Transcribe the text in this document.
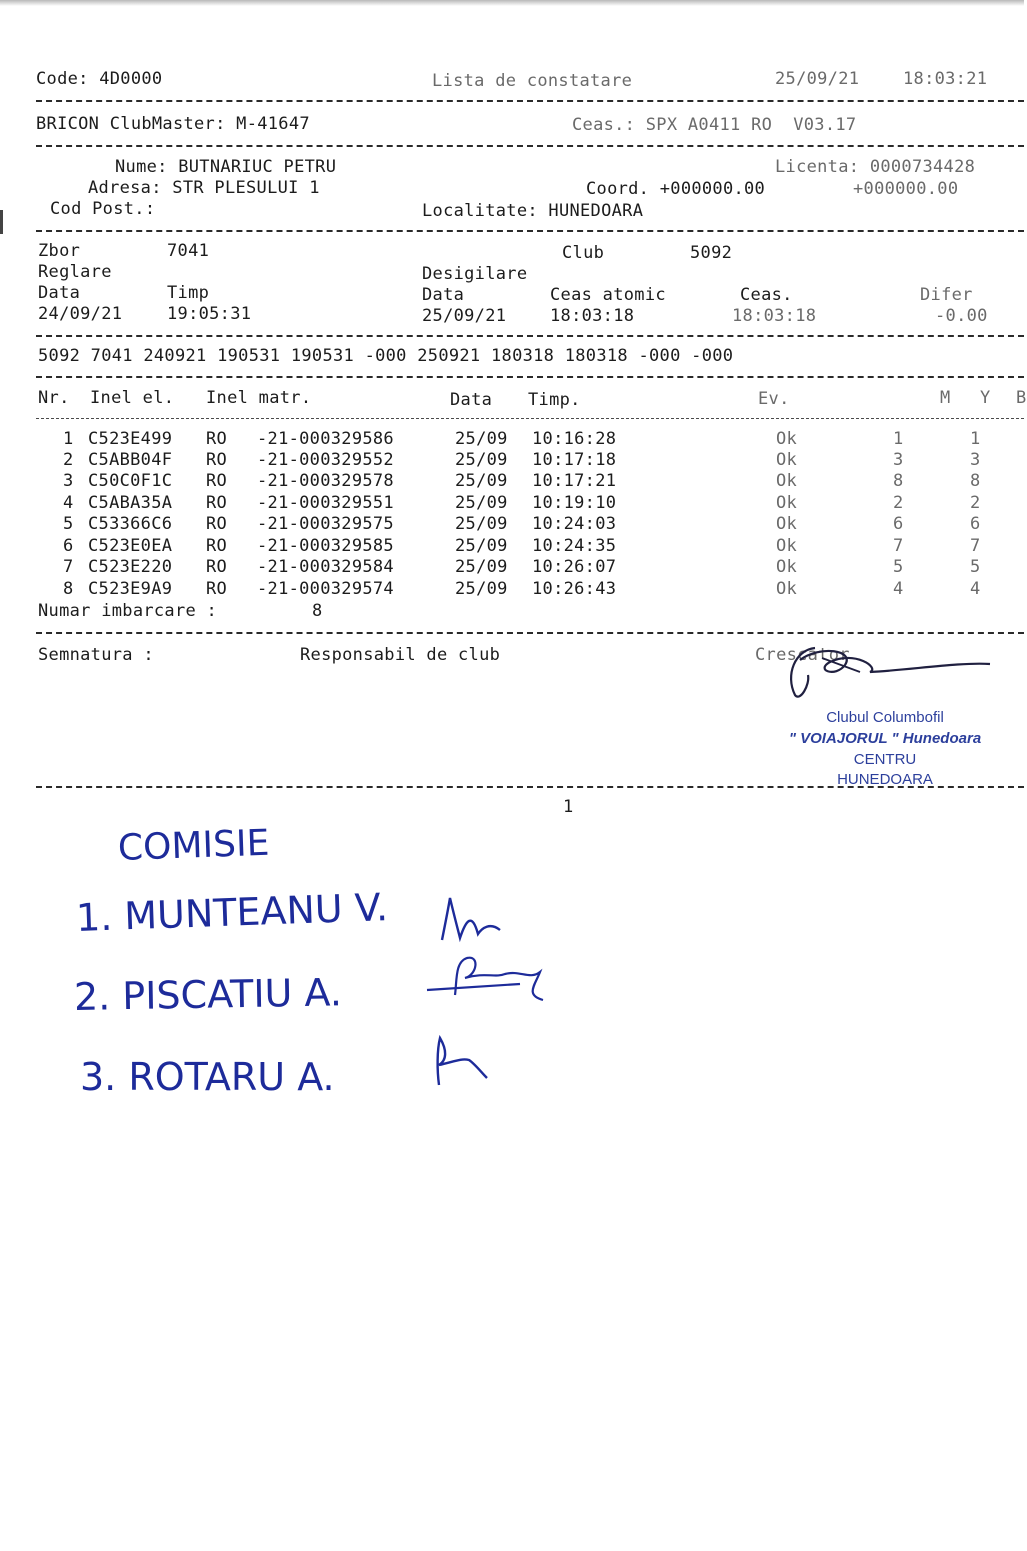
Code: 4D0000	Lista de constatare	25/09/21	18:03:21
BRICON ClubMaster: M-41647	Ceas.: SPX A0411 RO  V03.17
Nume: BUTNARIUC PETRU	Licenta: 0000734428
Adresa: STR PLESULUI 1	Coord. +000000.00	+000000.00
Cod Post.:	Localitate: HUNEDOARA
Zbor	7041	Club	5092
Reglare	Desigilare
Data	Timp	Data	Ceas atomic	Ceas.	Difer
24/09/21	19:05:31	25/09/21	18:03:18	18:03:18	-0.00
5092 7041 240921 190531 190531 -000 250921 180318 180318 -000 -000
Nr. Inel el. Inel matr.	Data Timp.	Ev.	M Y B
1 C523E499 RO -21-000329586	25/09 10:16:28	Ok	1	1
2 C5ABB04F RO -21-000329552	25/09 10:17:18	Ok	3	3
3 C50C0F1C RO -21-000329578	25/09 10:17:21	Ok	8	8
4 C5ABA35A RO -21-000329551	25/09 10:19:10	Ok	2	2
5 C53366C6 RO -21-000329575	25/09 10:24:03	Ok	6	6
6 C523E0EA RO -21-000329585	25/09 10:24:35	Ok	7	7
7 C523E220 RO -21-000329584	25/09 10:26:07	Ok	5	5
8 C523E9A9 RO -21-000329574	25/09 10:26:43	Ok	4	4
Numar imbarcare :	8
Semnatura :	Responsabil de club	Crescator
Clubul Columbofil
" VOIAJORUL " Hunedoara
CENTRU
HUNEDOARA
1
COMISIE
1. MUNTEANU V.
2. PISCATIU A.
3. ROTARU A.
